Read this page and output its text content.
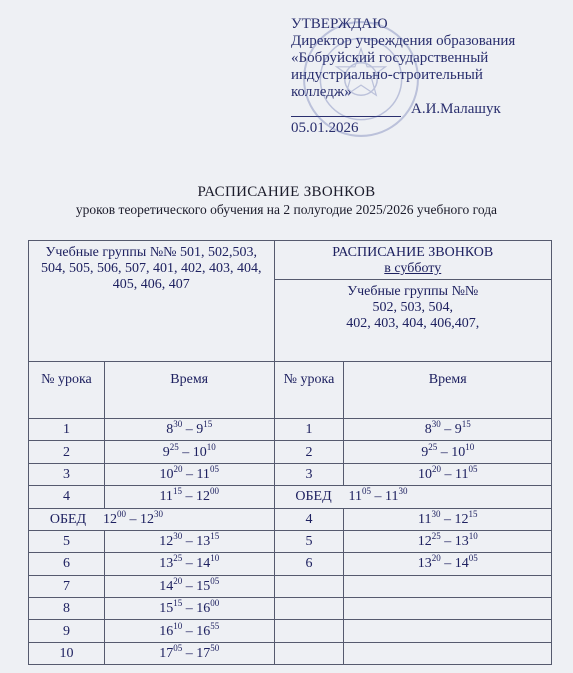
УТВЕРЖДАЮ
Директор учреждения образования
«Бобруйский государственный
индустриально-строительный
колледж»
А.И.Малашук
05.01.2026
РАСПИСАНИЕ ЗВОНКОВ
уроков теоретического обучения на 2 полугодие 2025/2026 учебного года
Учебные группы №№ 501, 502,503, 504, 505, 506, 507, 401, 402, 403, 404, 405, 406, 407		РАСПИСАНИЕ ЗВОНКОВ
в субботу	

		Учебные группы №№
502, 503, 504,
402, 403, 404, 406,407,	

№ урока	Время	№ урока	Время
1	$8^{30} - 9^{15}$	1	$8^{30} - 9^{15}$
2	$9^{25} - 10^{10}$	2	$9^{25} - 10^{10}$
3	$10^{20} - 11^{05}$	3	$10^{20} - 11^{05}$
4	$11^{15} - 12^{00}$	ОБЕД $11^{05} - 11^{30}$
ОБЕД $12^{00} - 12^{30}$		4	$11^{30} - 12^{15}$
5	$12^{30} - 13^{15}$	5	$12^{25} - 13^{10}$
6	$13^{25} - 14^{10}$	6	$13^{20} - 14^{05}$
7	$14^{20} - 15^{05}$		
8	$15^{15} - 16^{00}$		
9	$16^{10} - 16^{55}$		
10	$17^{05} - 17^{50}$		
